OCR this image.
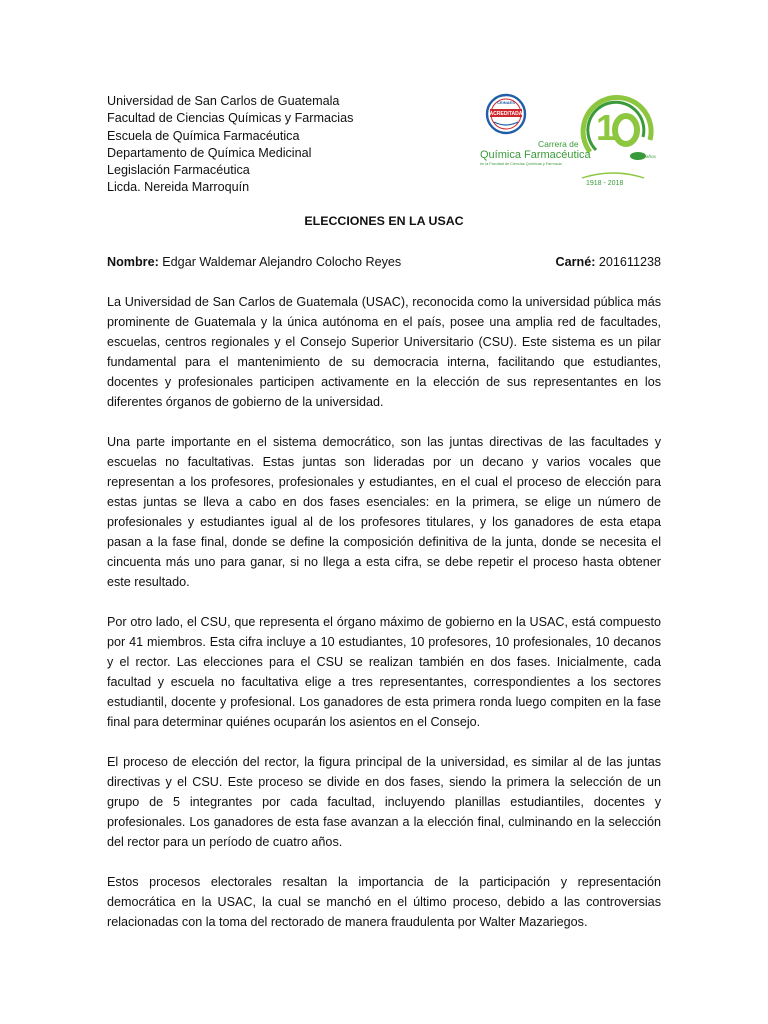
Universidad de San Carlos de Guatemala
Facultad de Ciencias Químicas y Farmacias
Escuela de Química Farmacéutica
Departamento de Química Medicinal
Legislación Farmacéutica
Licda. Nereida Marroquín
CEINAES
ACREDITADA 1
años
Carrera de
Química Farmacéutica
en la Facultad de Ciencias Químicas y Farmacia
1918 - 2018
ELECCIONES EN LA USAC
Nombre: Edgar Waldemar Alejandro Colocho Reyes	Carné: 201611238

La Universidad de San Carlos de Guatemala (USAC), reconocida como la universidad pública más prominente de Guatemala y la única autónoma en el país, posee una amplia red de facultades, escuelas, centros regionales y el Consejo Superior Universitario (CSU). Este sistema es un pilar fundamental para el mantenimiento de su democracia interna, facilitando que estudiantes, docentes y profesionales participen activamente en la elección de sus representantes en los diferentes órganos de gobierno de la universidad.

Una parte importante en el sistema democrático, son las juntas directivas de las facultades y escuelas no facultativas. Estas juntas son lideradas por un decano y varios vocales que representan a los profesores, profesionales y estudiantes, en el cual el proceso de elección para estas juntas se lleva a cabo en dos fases esenciales: en la primera, se elige un número de profesionales y estudiantes igual al de los profesores titulares, y los ganadores de esta etapa pasan a la fase final, donde se define la composición definitiva de la junta, donde se necesita el cincuenta más uno para ganar, si no llega a esta cifra, se debe repetir el proceso hasta obtener este resultado.

Por otro lado, el CSU, que representa el órgano máximo de gobierno en la USAC, está compuesto por 41 miembros. Esta cifra incluye a 10 estudiantes, 10 profesores, 10 profesionales, 10 decanos y el rector. Las elecciones para el CSU se realizan también en dos fases. Inicialmente, cada facultad y escuela no facultativa elige a tres representantes, correspondientes a los sectores estudiantil, docente y profesional. Los ganadores de esta primera ronda luego compiten en la fase final para determinar quiénes ocuparán los asientos en el Consejo.

El proceso de elección del rector, la figura principal de la universidad, es similar al de las juntas directivas y el CSU. Este proceso se divide en dos fases, siendo la primera la selección de un grupo de 5 integrantes por cada facultad, incluyendo planillas estudiantiles, docentes y profesionales. Los ganadores de esta fase avanzan a la elección final, culminando en la selección del rector para un período de cuatro años.

Estos procesos electorales resaltan la importancia de la participación y representación democrática en la USAC, la cual se manchó en el último proceso, debido a las controversias relacionadas con la toma del rectorado de manera fraudulenta por Walter Mazariegos.
